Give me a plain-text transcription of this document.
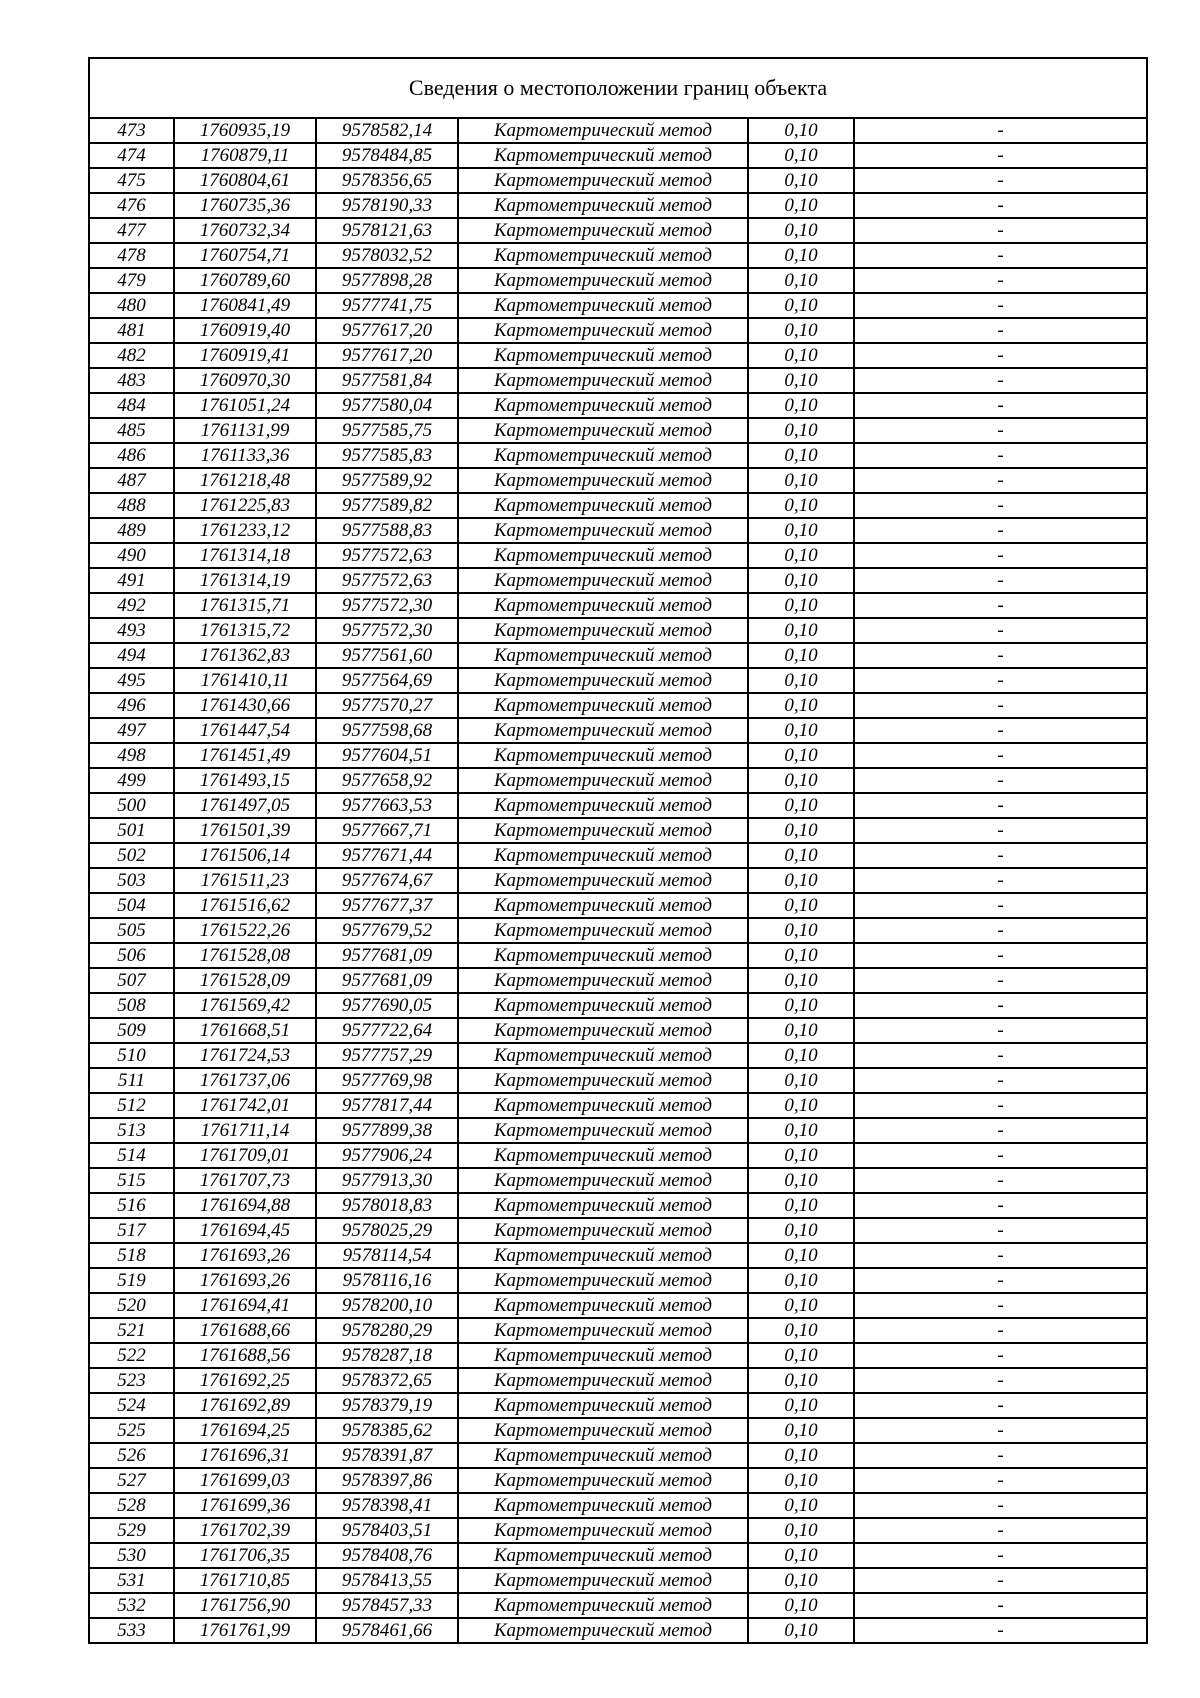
Сведения о местоположении границ объекта
473	1760935,19	9578582,14	Картометрический метод	0,10	-
474	1760879,11	9578484,85	Картометрический метод	0,10	-
475	1760804,61	9578356,65	Картометрический метод	0,10	-
476	1760735,36	9578190,33	Картометрический метод	0,10	-
477	1760732,34	9578121,63	Картометрический метод	0,10	-
478	1760754,71	9578032,52	Картометрический метод	0,10	-
479	1760789,60	9577898,28	Картометрический метод	0,10	-
480	1760841,49	9577741,75	Картометрический метод	0,10	-
481	1760919,40	9577617,20	Картометрический метод	0,10	-
482	1760919,41	9577617,20	Картометрический метод	0,10	-
483	1760970,30	9577581,84	Картометрический метод	0,10	-
484	1761051,24	9577580,04	Картометрический метод	0,10	-
485	1761131,99	9577585,75	Картометрический метод	0,10	-
486	1761133,36	9577585,83	Картометрический метод	0,10	-
487	1761218,48	9577589,92	Картометрический метод	0,10	-
488	1761225,83	9577589,82	Картометрический метод	0,10	-
489	1761233,12	9577588,83	Картометрический метод	0,10	-
490	1761314,18	9577572,63	Картометрический метод	0,10	-
491	1761314,19	9577572,63	Картометрический метод	0,10	-
492	1761315,71	9577572,30	Картометрический метод	0,10	-
493	1761315,72	9577572,30	Картометрический метод	0,10	-
494	1761362,83	9577561,60	Картометрический метод	0,10	-
495	1761410,11	9577564,69	Картометрический метод	0,10	-
496	1761430,66	9577570,27	Картометрический метод	0,10	-
497	1761447,54	9577598,68	Картометрический метод	0,10	-
498	1761451,49	9577604,51	Картометрический метод	0,10	-
499	1761493,15	9577658,92	Картометрический метод	0,10	-
500	1761497,05	9577663,53	Картометрический метод	0,10	-
501	1761501,39	9577667,71	Картометрический метод	0,10	-
502	1761506,14	9577671,44	Картометрический метод	0,10	-
503	1761511,23	9577674,67	Картометрический метод	0,10	-
504	1761516,62	9577677,37	Картометрический метод	0,10	-
505	1761522,26	9577679,52	Картометрический метод	0,10	-
506	1761528,08	9577681,09	Картометрический метод	0,10	-
507	1761528,09	9577681,09	Картометрический метод	0,10	-
508	1761569,42	9577690,05	Картометрический метод	0,10	-
509	1761668,51	9577722,64	Картометрический метод	0,10	-
510	1761724,53	9577757,29	Картометрический метод	0,10	-
511	1761737,06	9577769,98	Картометрический метод	0,10	-
512	1761742,01	9577817,44	Картометрический метод	0,10	-
513	1761711,14	9577899,38	Картометрический метод	0,10	-
514	1761709,01	9577906,24	Картометрический метод	0,10	-
515	1761707,73	9577913,30	Картометрический метод	0,10	-
516	1761694,88	9578018,83	Картометрический метод	0,10	-
517	1761694,45	9578025,29	Картометрический метод	0,10	-
518	1761693,26	9578114,54	Картометрический метод	0,10	-
519	1761693,26	9578116,16	Картометрический метод	0,10	-
520	1761694,41	9578200,10	Картометрический метод	0,10	-
521	1761688,66	9578280,29	Картометрический метод	0,10	-
522	1761688,56	9578287,18	Картометрический метод	0,10	-
523	1761692,25	9578372,65	Картометрический метод	0,10	-
524	1761692,89	9578379,19	Картометрический метод	0,10	-
525	1761694,25	9578385,62	Картометрический метод	0,10	-
526	1761696,31	9578391,87	Картометрический метод	0,10	-
527	1761699,03	9578397,86	Картометрический метод	0,10	-
528	1761699,36	9578398,41	Картометрический метод	0,10	-
529	1761702,39	9578403,51	Картометрический метод	0,10	-
530	1761706,35	9578408,76	Картометрический метод	0,10	-
531	1761710,85	9578413,55	Картометрический метод	0,10	-
532	1761756,90	9578457,33	Картометрический метод	0,10	-
533	1761761,99	9578461,66	Картометрический метод	0,10	-
